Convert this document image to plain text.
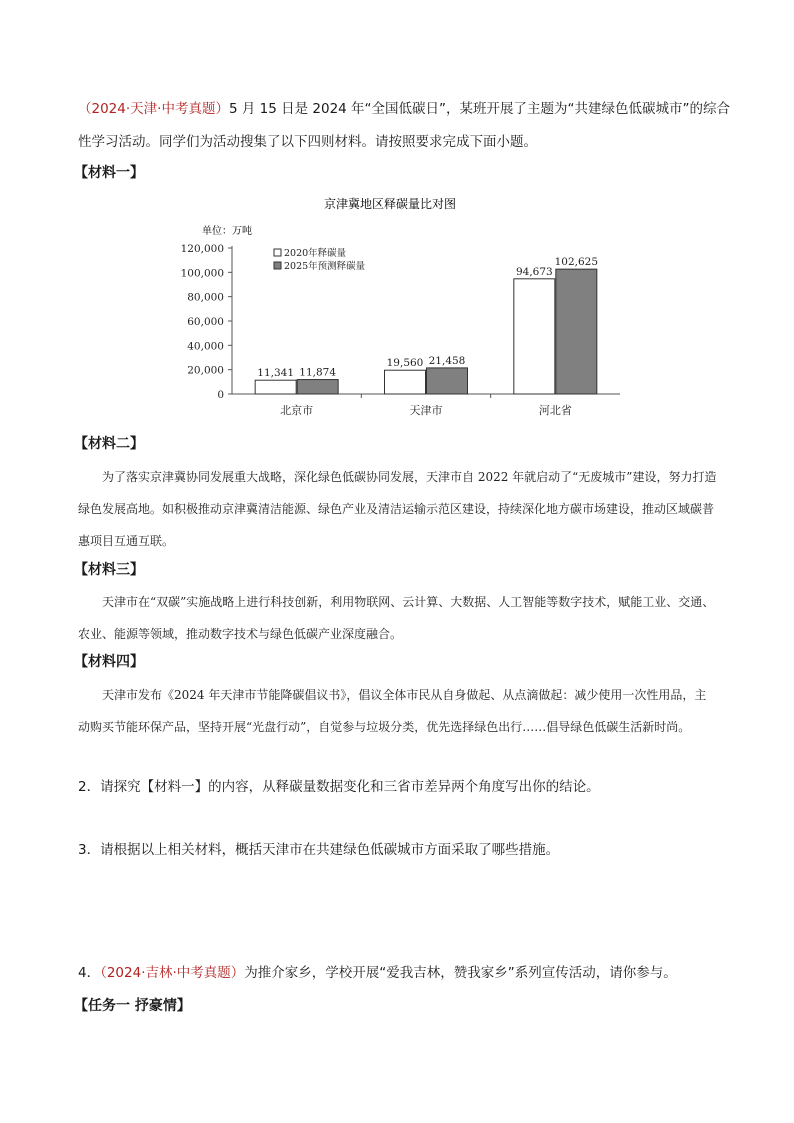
（2024·天津·中考真题）5 月 15 日是 2024 年“全国低碳日”，某班开展了主题为“共建绿色低碳城市”的综合
性学习活动。同学们为活动搜集了以下四则材料。请按照要求完成下面小题。
【材料一】
京津冀地区释碳量比对图
单位：万吨
0
20,000
40,000
60,000
80,000
100,000
120,000
11,341 11,874
北京市
19,560 21,458
天津市
94,673
102,625
河北省
2020年释碳量
2025年预测释碳量
【材料二】
为了落实京津冀协同发展重大战略，深化绿色低碳协同发展，天津市自 2022 年就启动了“无废城市”建设，努力打造绿色发展高地。如积极推动京津冀清洁能源、绿色产业及清洁运输示范区建设，持续深化地方碳市场建设，推动区域碳普惠项目互通互联。
【材料三】
天津市在“双碳”实施战略上进行科技创新，利用物联网、云计算、大数据、人工智能等数字技术，赋能工业、交通、农业、能源等领域，推动数字技术与绿色低碳产业深度融合。
【材料四】
天津市发布《2024 年天津市节能降碳倡议书》，倡议全体市民从自身做起、从点滴做起：减少使用一次性用品，主动购买节能环保产品，坚持开展“光盘行动”，自觉参与垃圾分类，优先选择绿色出行……倡导绿色低碳生活新时尚。
2．请探究【材料一】的内容，从释碳量数据变化和三省市差异两个角度写出你的结论。
3．请根据以上相关材料，概括天津市在共建绿色低碳城市方面采取了哪些措施。
4．（2024·吉林·中考真题）为推介家乡，学校开展“爱我吉林，赞我家乡”系列宣传活动，请你参与。
【任务一 抒豪情】
